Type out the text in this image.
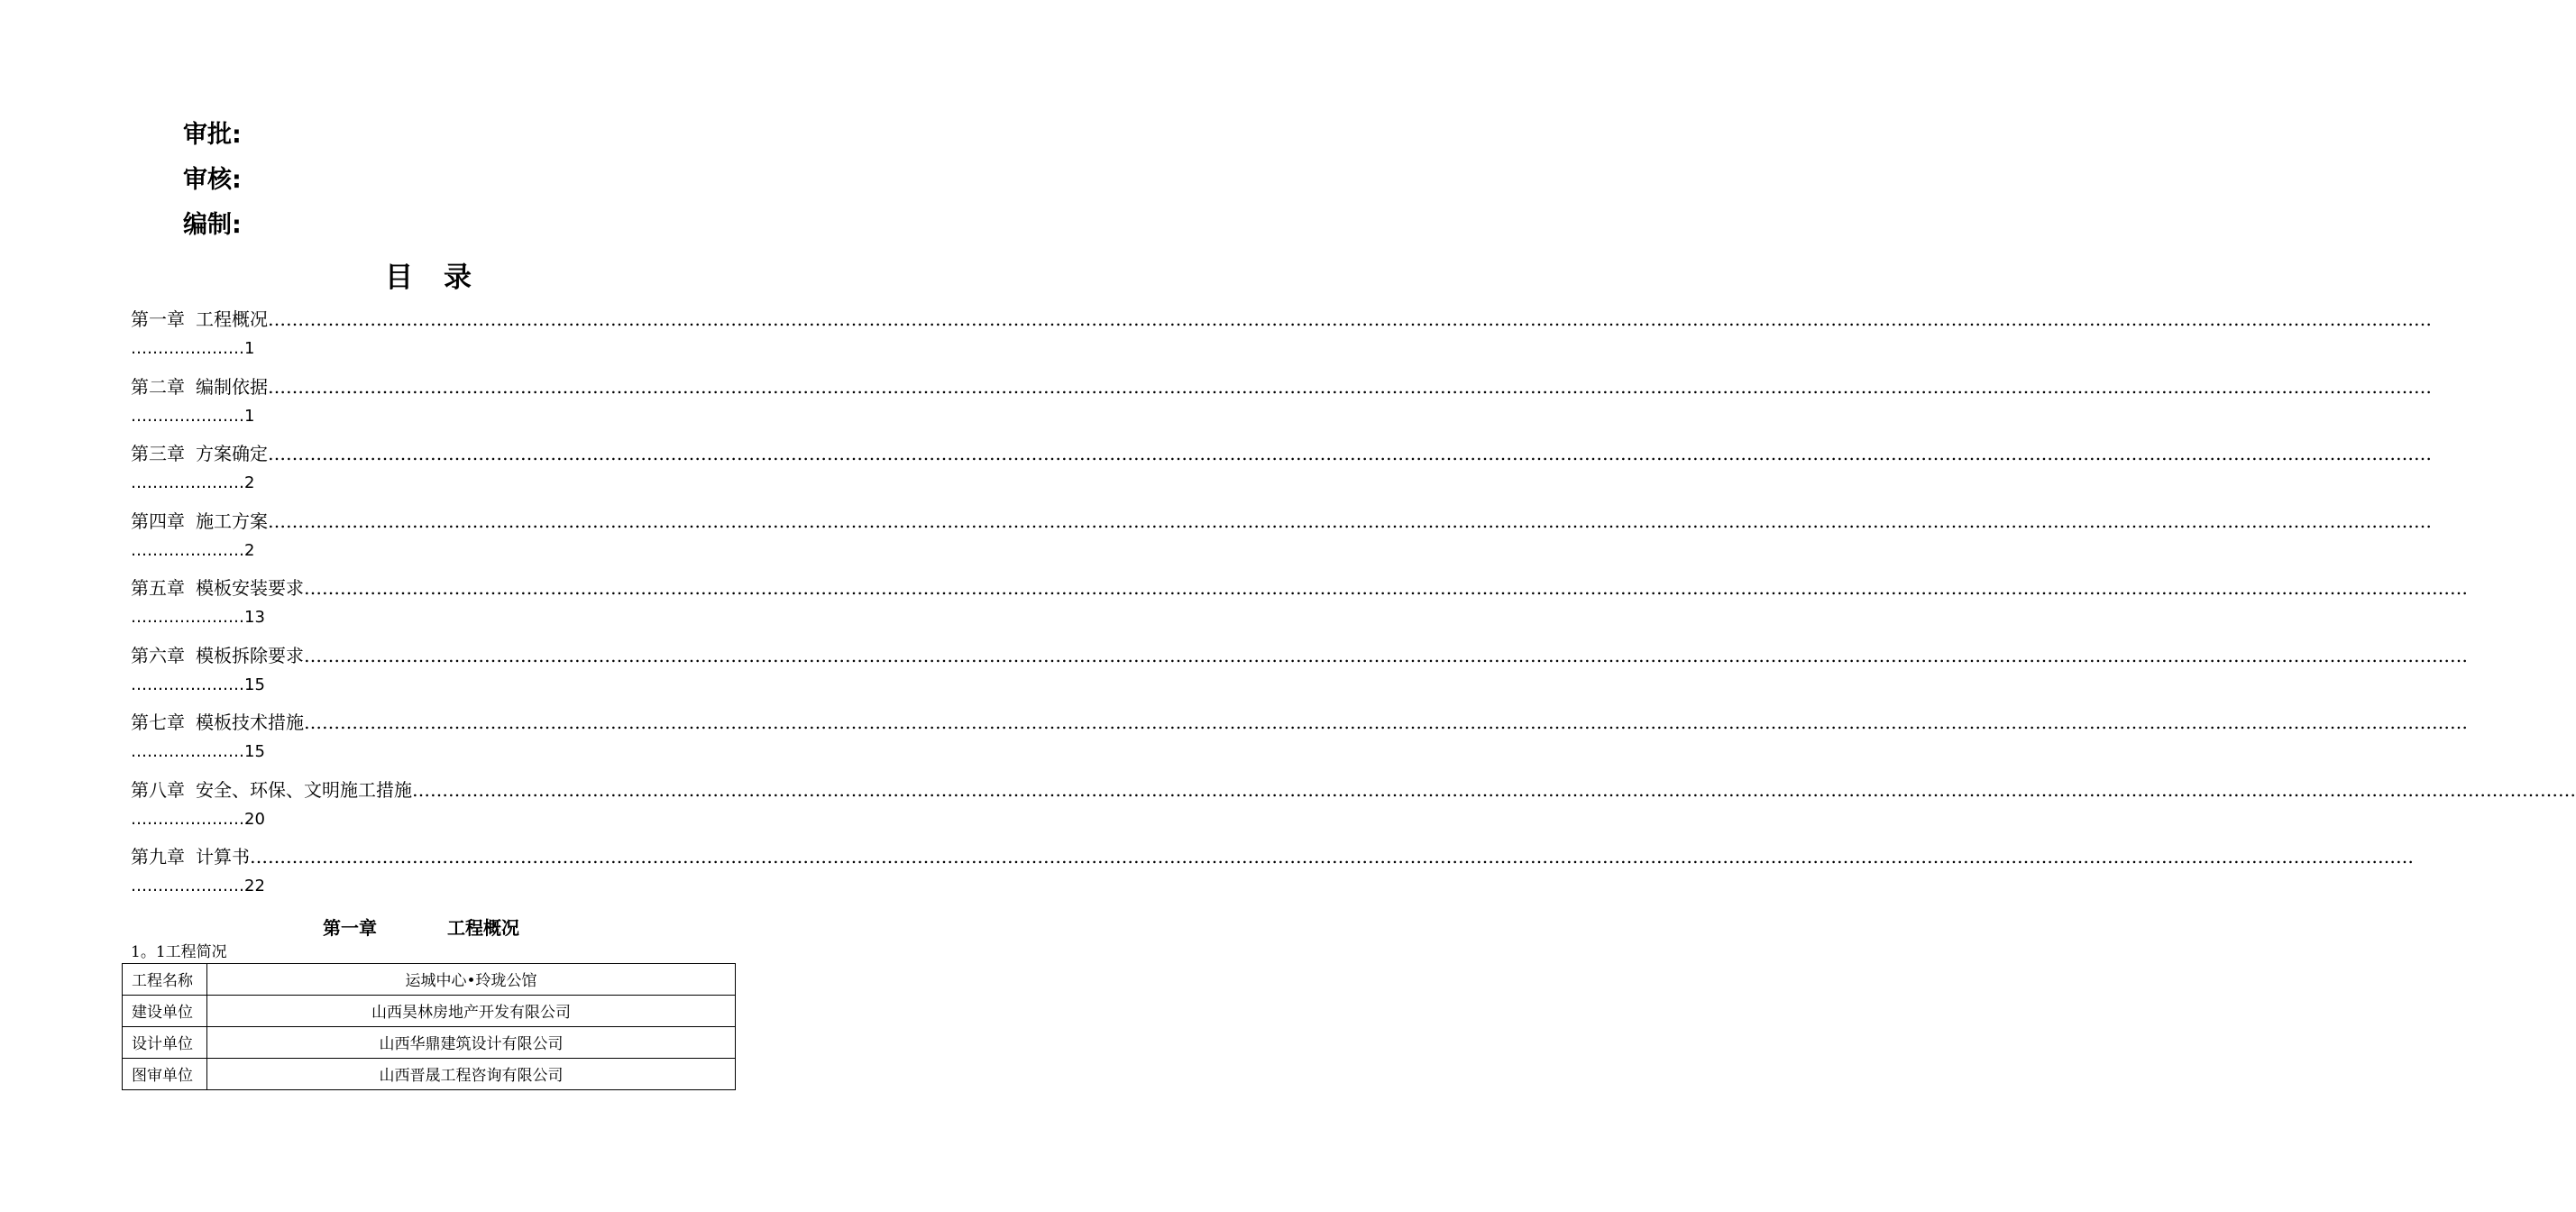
审批:
审核:
编制:
目录
第一章 工程概况 ………………………………………………………………………………………………………………………………………………………………………………………………………………………………………………………………………………………………………………………………
…………………1
第二章 编制依据 ………………………………………………………………………………………………………………………………………………………………………………………………………………………………………………………………………………………………………………………………
…………………1
第三章 方案确定 ………………………………………………………………………………………………………………………………………………………………………………………………………………………………………………………………………………………………………………………………
…………………2
第四章 施工方案 ………………………………………………………………………………………………………………………………………………………………………………………………………………………………………………………………………………………………………………………………
…………………2
第五章 模板安装要求 ………………………………………………………………………………………………………………………………………………………………………………………………………………………………………………………………………………………………………………………………
…………………13
第六章 模板拆除要求 ………………………………………………………………………………………………………………………………………………………………………………………………………………………………………………………………………………………………………………………………
…………………15
第七章 模板技术措施 ………………………………………………………………………………………………………………………………………………………………………………………………………………………………………………………………………………………………………………………………
…………………15
第八章 安全、环保、文明施工措施 ………………………………………………………………………………………………………………………………………………………………………………………………………………………………………………………………………………………………………………………………
…………………20
第九章 计算书 ………………………………………………………………………………………………………………………………………………………………………………………………………………………………………………………………………………………………………………………………
…………………22
第一章	工程概况
1。1工程简况
工程名称	运城中心•玲珑公馆
建设单位	山西昊林房地产开发有限公司
设计单位	山西华鼎建筑设计有限公司
图审单位	山西晋晟工程咨询有限公司
